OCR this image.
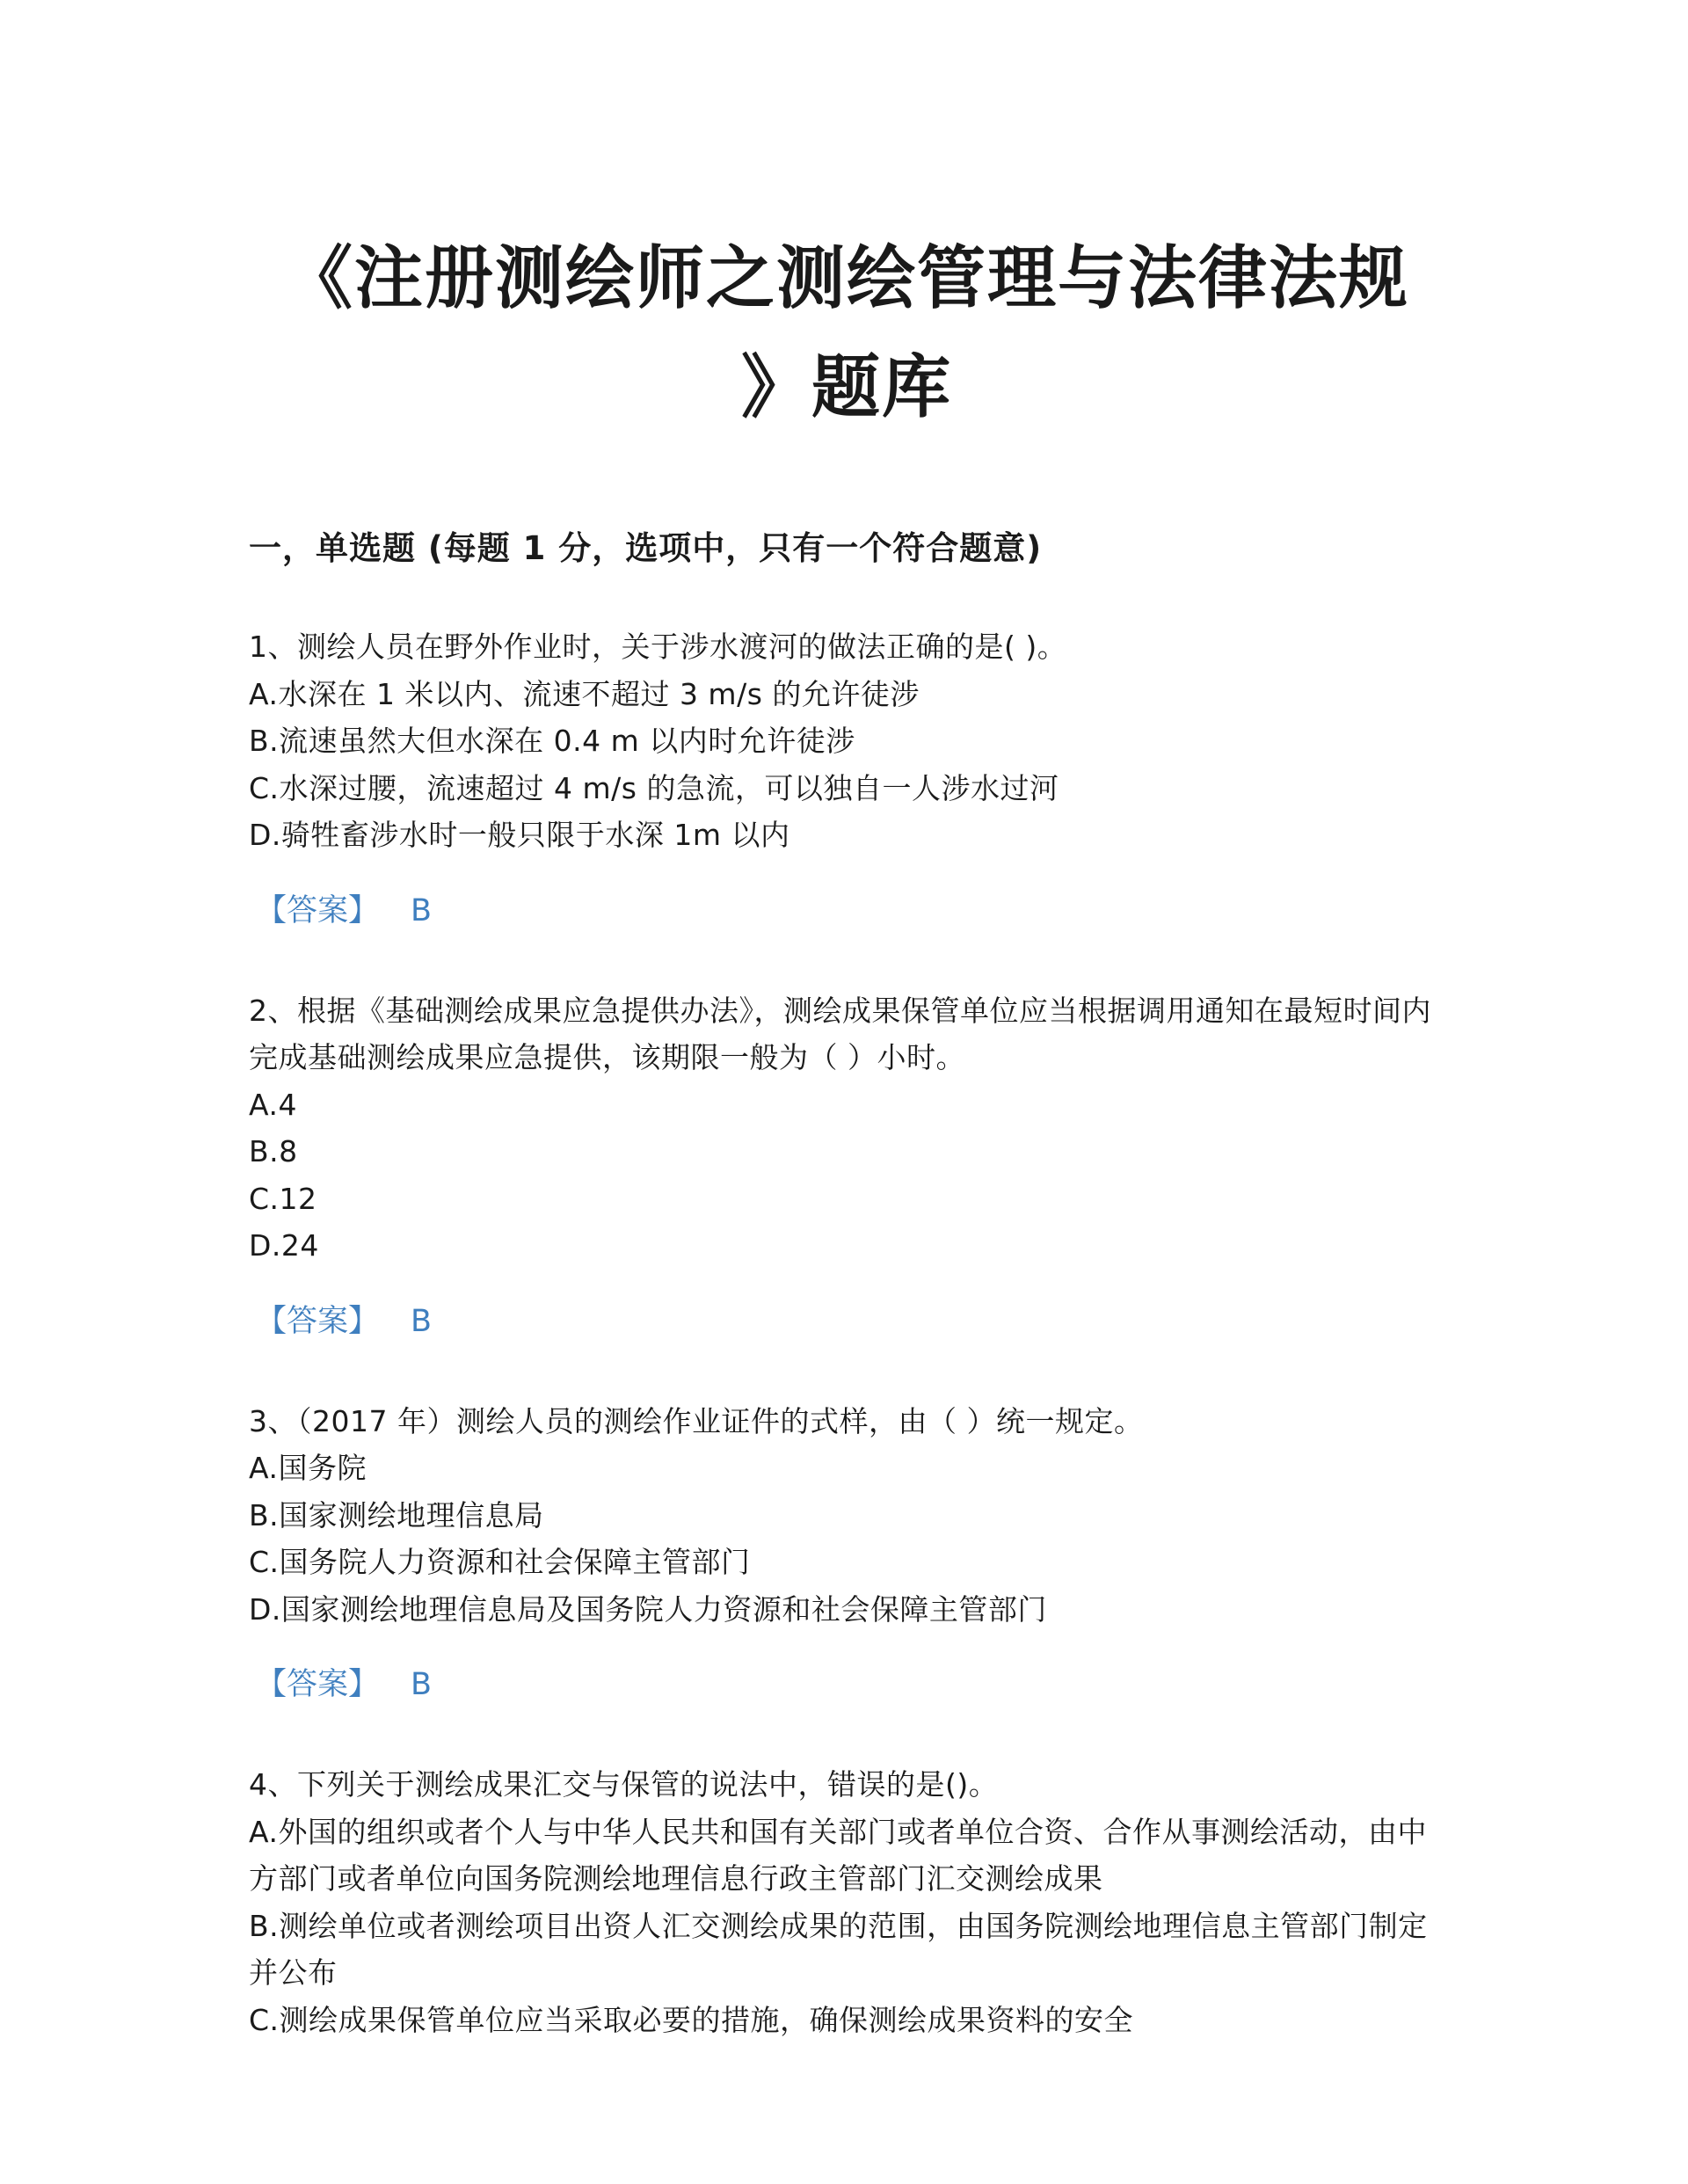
《注册测绘师之测绘管理与法律法规
》题库
一，单选题 (每题 1 分，选项中，只有一个符合题意)
1、测绘人员在野外作业时，关于涉水渡河的做法正确的是( )。
A.水深在 1 米以内、流速不超过 3 m/s 的允许徒涉
B.流速虽然大但水深在 0.4 m 以内时允许徒涉
C.水深过腰，流速超过 4 m/s 的急流，可以独自一人涉水过河
D.骑牲畜涉水时一般只限于水深 1m 以内
【答案】 B
2、根据《基础测绘成果应急提供办法》，测绘成果保管单位应当根据调用通知在最短时间内完成基础测绘成果应急提供，该期限一般为（ ）小时。
A.4
B.8
C.12
D.24
【答案】 B
3、（2017 年）测绘人员的测绘作业证件的式样，由（ ）统一规定。
A.国务院
B.国家测绘地理信息局
C.国务院人力资源和社会保障主管部门
D.国家测绘地理信息局及国务院人力资源和社会保障主管部门
【答案】 B
4、下列关于测绘成果汇交与保管的说法中，错误的是()。
A.外国的组织或者个人与中华人民共和国有关部门或者单位合资、合作从事测绘活动，由中方部门或者单位向国务院测绘地理信息行政主管部门汇交测绘成果
B.测绘单位或者测绘项目出资人汇交测绘成果的范围，由国务院测绘地理信息主管部门制定并公布
C.测绘成果保管单位应当采取必要的措施，确保测绘成果资料的安全
